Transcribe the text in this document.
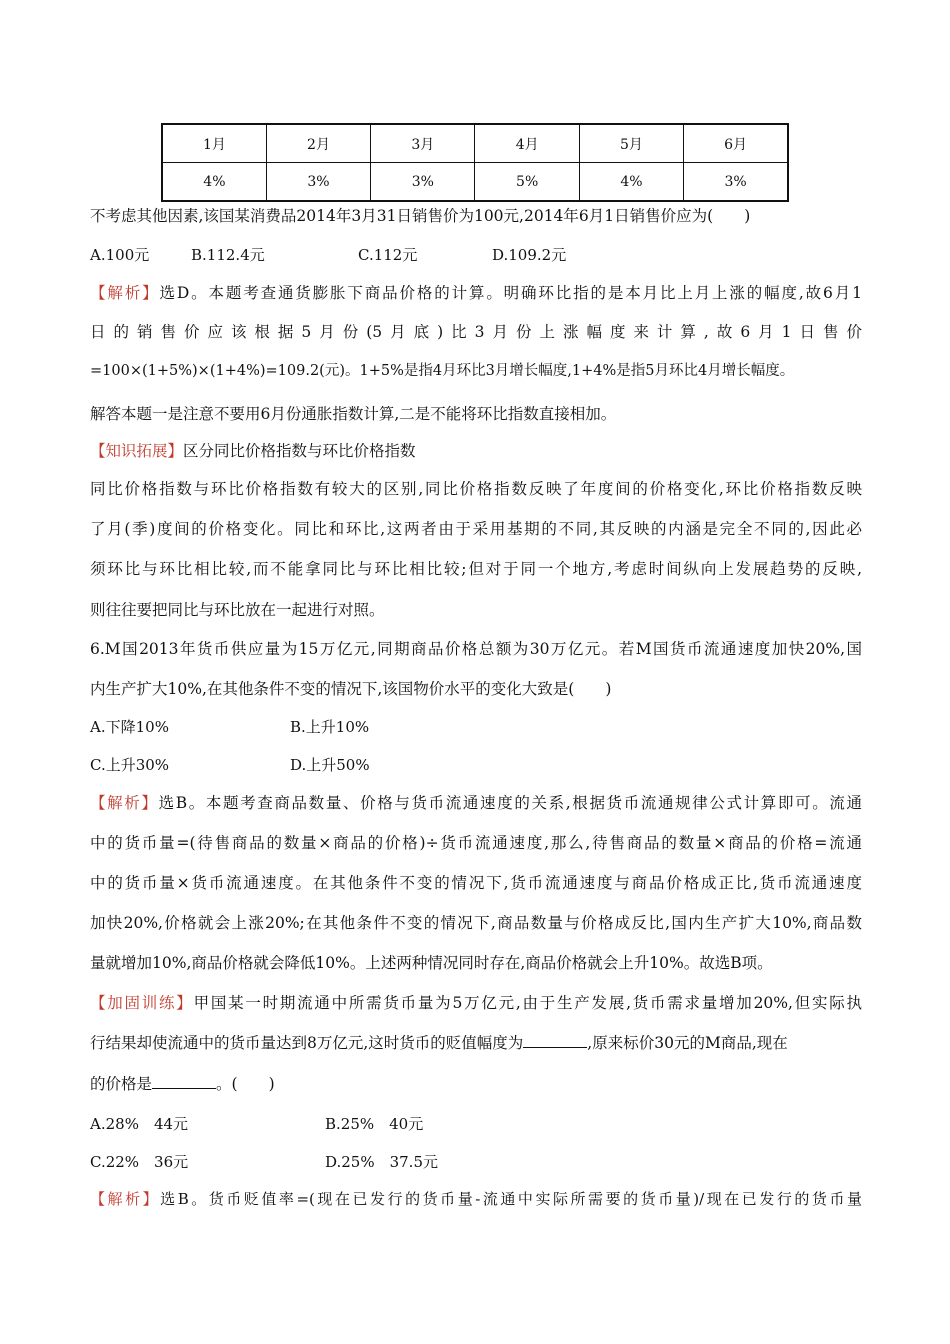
1月	2月	3月	4月	5月	6月
4%	3%	3%	5%	4%	3%
不考虑其他因素,该国某消费品2014年3月31日销售价为100元,2014年6月1日销售价应为(　　)
A.100元	B.112.4元	C.112元	D.109.2元
【解析】选D。本题考查通货膨胀下商品价格的计算。明确环比指的是本月比上月上涨的幅度,故6月1
日的销售价应该根据5月份(5月底)比3月份上涨幅度来计算,故6月1日售价
=100×(1+5%)×(1+4%)=109.2(元)。1+5%是指4月环比3月增长幅度,1+4%是指5月环比4月增长幅度。
解答本题一是注意不要用6月份通胀指数计算,二是不能将环比指数直接相加。
【知识拓展】区分同比价格指数与环比价格指数
同比价格指数与环比价格指数有较大的区别,同比价格指数反映了年度间的价格变化,环比价格指数反映
了月(季)度间的价格变化。同比和环比,这两者由于采用基期的不同,其反映的内涵是完全不同的,因此必
须环比与环比相比较,而不能拿同比与环比相比较;但对于同一个地方,考虑时间纵向上发展趋势的反映,
则往往要把同比与环比放在一起进行对照。
6.M国2013年货币供应量为15万亿元,同期商品价格总额为30万亿元。若M国货币流通速度加快20%,国
内生产扩大10%,在其他条件不变的情况下,该国物价水平的变化大致是(　　)
A.下降10%	B.上升10%
C.上升30%	D.上升50%
【解析】选B。本题考查商品数量、价格与货币流通速度的关系,根据货币流通规律公式计算即可。流通
中的货币量=(待售商品的数量×商品的价格)÷货币流通速度,那么,待售商品的数量×商品的价格=流通
中的货币量×货币流通速度。在其他条件不变的情况下,货币流通速度与商品价格成正比,货币流通速度
加快20%,价格就会上涨20%;在其他条件不变的情况下,商品数量与价格成反比,国内生产扩大10%,商品数
量就增加10%,商品价格就会降低10%。上述两种情况同时存在,商品价格就会上升10%。故选B项。
【加固训练】甲国某一时期流通中所需货币量为5万亿元,由于生产发展,货币需求量增加20%,但实际执
行结果却使流通中的货币量达到8万亿元,这时货币的贬值幅度为	,原来标价30元的M商品,现在
的价格是	。(　　)
A.28%　44元	B.25%　40元
C.22%　36元	D.25%　37.5元
【解析】选B。货币贬值率=(现在已发行的货币量-流通中实际所需要的货币量)/现在已发行的货币量
